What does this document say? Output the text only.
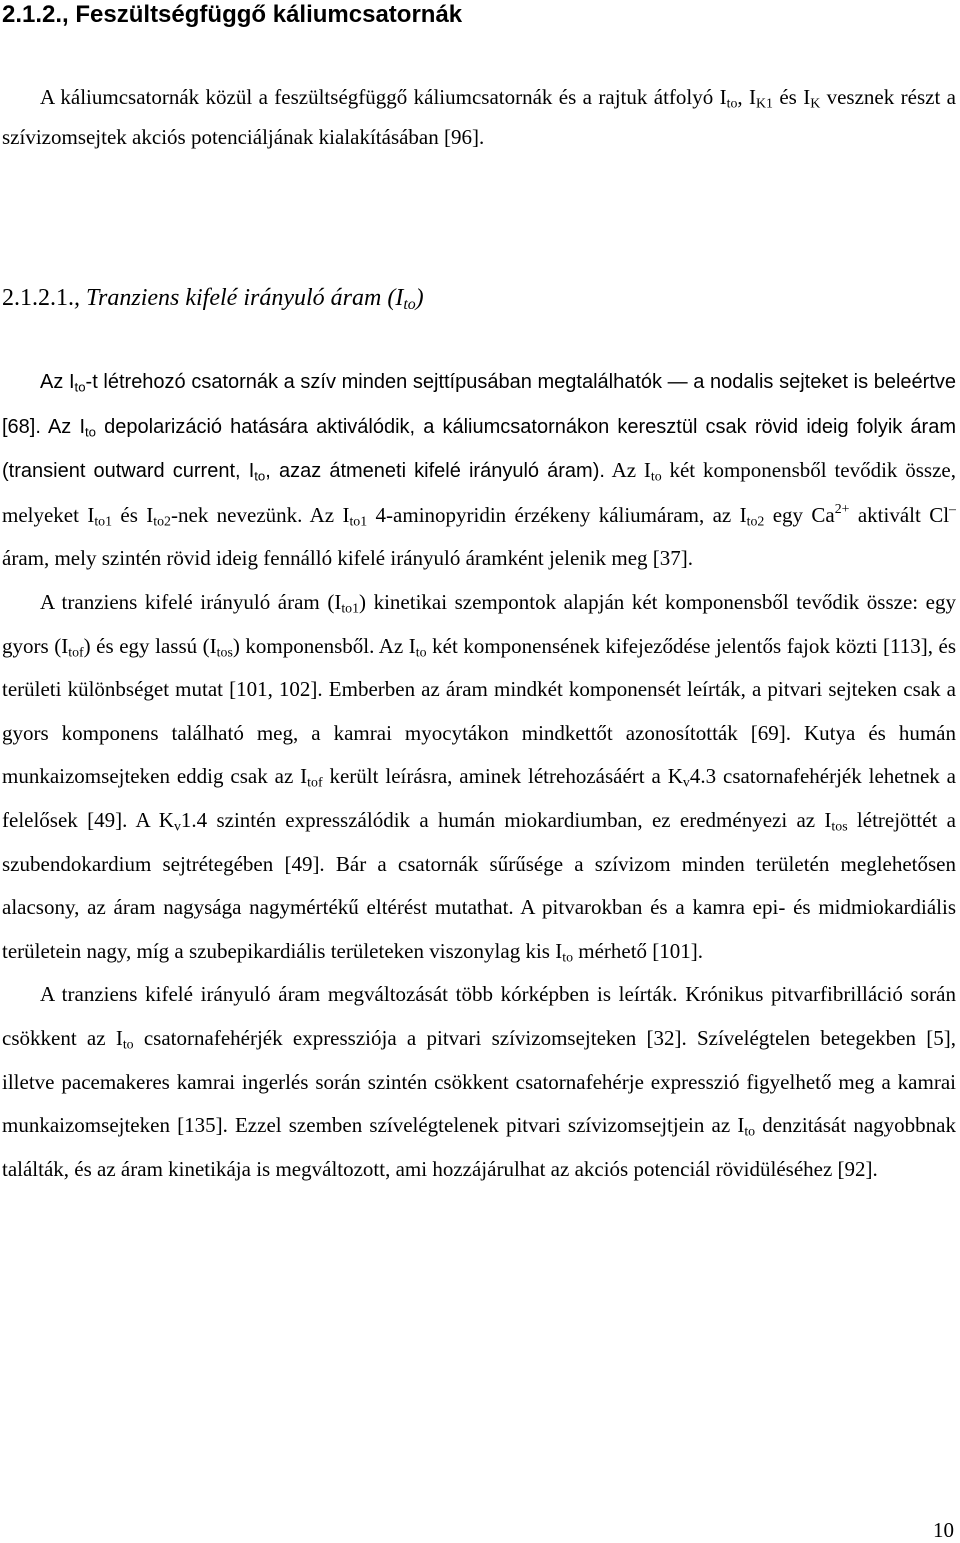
2.1.2., Feszültségfüggő káliumcsatornák
A káliumcsatornák közül a feszültségfüggő káliumcsatornák és a rajtuk átfolyó $I_{to}$, $I_{K1}$ és $I_K$ vesznek részt a szívizomsejtek akciós potenciáljának kialakításában [96].
2.1.2.1., Tranziens kifelé irányuló áram $(I_{to})$
Az $I_{to}-t$ létrehozó csatornák a szív minden sejttípusában megtalálhatók — a nodalis sejteket is beleértve [68]. Az $I_{to}$ depolarizáció hatására aktiválódik, a káliumcsatornákon keresztül csak rövid ideig folyik áram (transient outward current, $I_{to}$, azaz átmeneti kifelé irányuló áram). Az $I_{to}$ két komponensből tevődik össze, melyeket $I_{to1}$ és $I_{to2}$-nek nevezünk. Az $I_{to1}$ 4-aminopyridin érzékeny káliumáram, az $I_{to2}$ egy $Ca^{2+}$ aktivált Cl– áram, mely szintén rövid ideig fennálló kifelé irányuló áramként jelenik meg [37].
A tranziens kifelé irányuló áram $(I_{to1})$ kinetikai szempontok alapján két komponensből tevődik össze: egy gyors $(I_{tof})$ és egy lassú $(I_{tos})$ komponensből. Az $I_{to}$ két komponensének kifejeződése jelentős fajok közti [113], és területi különbséget mutat [101, 102]. Emberben az áram mindkét komponensét leírták, a pitvari sejteken csak a gyors komponens található meg, a kamrai myocytákon mindkettőt azonosították [69]. Kutya és humán munkaizomsejteken eddig csak az $I_{tof}$ került leírásra, aminek létrehozásáért a $K_v4.3$ csatornafehérjék lehetnek a felelősek [49]. A $K_v1.4$ szintén expresszálódik a humán miokardiumban, ez eredményezi az $I_{tos}$ létrejöttét a szubendokardium sejtrétegében [49]. Bár a csatornák sűrűsége a szívizom minden területén meglehetősen alacsony, az áram nagysága nagymértékű eltérést mutathat. A pitvarokban és a kamra epi- és midmiokardiális területein nagy, míg a szubepikardiális területeken viszonylag kis $I_{to}$ mérhető [101].
A tranziens kifelé irányuló áram megváltozását több kórképben is leírták. Krónikus pitvarfibrilláció során csökkent az $I_{to}$ csatornafehérjék expressziója a pitvari szívizomsejteken [32]. Szívelégtelen betegekben [5], illetve pacemakeres kamrai ingerlés során szintén csökkent csatornafehérje expresszió figyelhető meg a kamrai munkaizomsejteken [135]. Ezzel szemben szívelégtelenek pitvari szívizomsejtjein az $I_{to}$ denzitását nagyobbnak találták, és az áram kinetikája is megváltozott, ami hozzájárulhat az akciós potenciál rövidüléséhez [92].
10
